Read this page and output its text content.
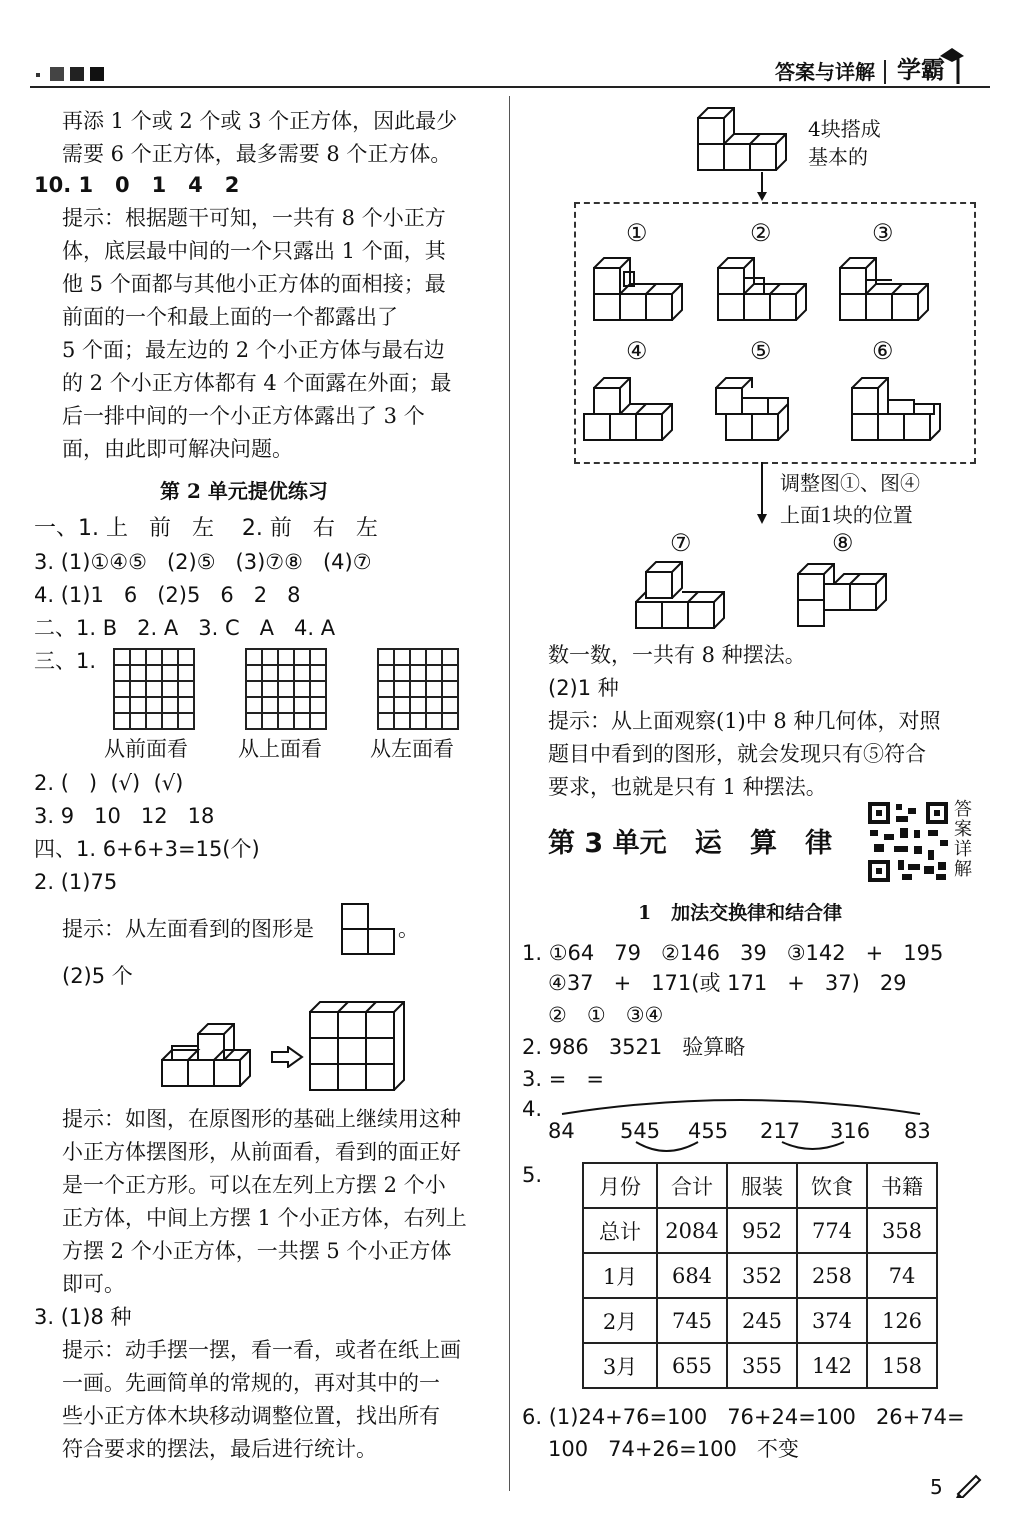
答案与详解 学霸
再添 1 个或 2 个或 3 个正方体，因此最少
需要 6 个正方体，最多需要 8 个正方体。
10. 1   0   1   4   2
提示：根据题干可知，一共有 8 个小正方
体，底层最中间的一个只露出 1 个面，其
他 5 个面都与其他小正方体的面相接；最
前面的一个和最上面的一个都露出了
5 个面；最左边的 2 个小正方体与最右边
的 2 个小正方体都有 4 个面露在外面；最
后一排中间的一个小正方体露出了 3 个
面，由此即可解决问题。
第 2 单元提优练习
一、1. 上   前   左    2. 前   右   左
3. (1)①④⑤   (2)⑤   (3)⑦⑧   (4)⑦
4. (1)1   6   (2)5   6   2   8
二、1. B   2. A   3. C   A   4. A
三、1.
从前面看 从上面看 从左面看
2. (   )  (√)  (√)
3. 9   10   12   18
四、1. 6+6+3=15(个)
2. (1)75
提示：从左面看到的图形是	。
(2)5 个
提示：如图，在原图形的基础上继续用这种
小正方体摆图形，从前面看，看到的面正好
是一个正方形。可以在左列上方摆 2 个小
正方体，中间上方摆 1 个小正方体，右列上
方摆 2 个小正方体，一共摆 5 个小正方体
即可。
3. (1)8 种
提示：动手摆一摆，看一看，或者在纸上画
一画。先画简单的常规的，再对其中的一
些小正方体木块移动调整位置，找出所有
符合要求的摆法，最后进行统计。
4块搭成
基本的
①	②	③
④	⑤	⑥
调整图①、图④
上面1块的位置
⑦	⑧
数一数，一共有 8 种摆法。
(2)1 种
提示：从上面观察(1)中 8 种几何体，对照
题目中看到的图形，就会发现只有⑤符合
要求，也就是只有 1 种摆法。
第 3 单元   运   算   律
答
案
详
解
1   加法交换律和结合律
1. ①64   79   ②146   39   ③142   +   195
④37   +   171(或 171   +   37)   29
②   ①   ③④
2. 986   3521   验算略
3. =   =
4.
84 545 455 217 316 83
5.	月份	合计	服装	饮食	书籍
总计	2084	952	774	358
1月	684	352	258	74
2月	745	245	374	126
3月	655	355	142	158
6. (1)24+76=100   76+24=100   26+74=
100   74+26=100   不变
5
